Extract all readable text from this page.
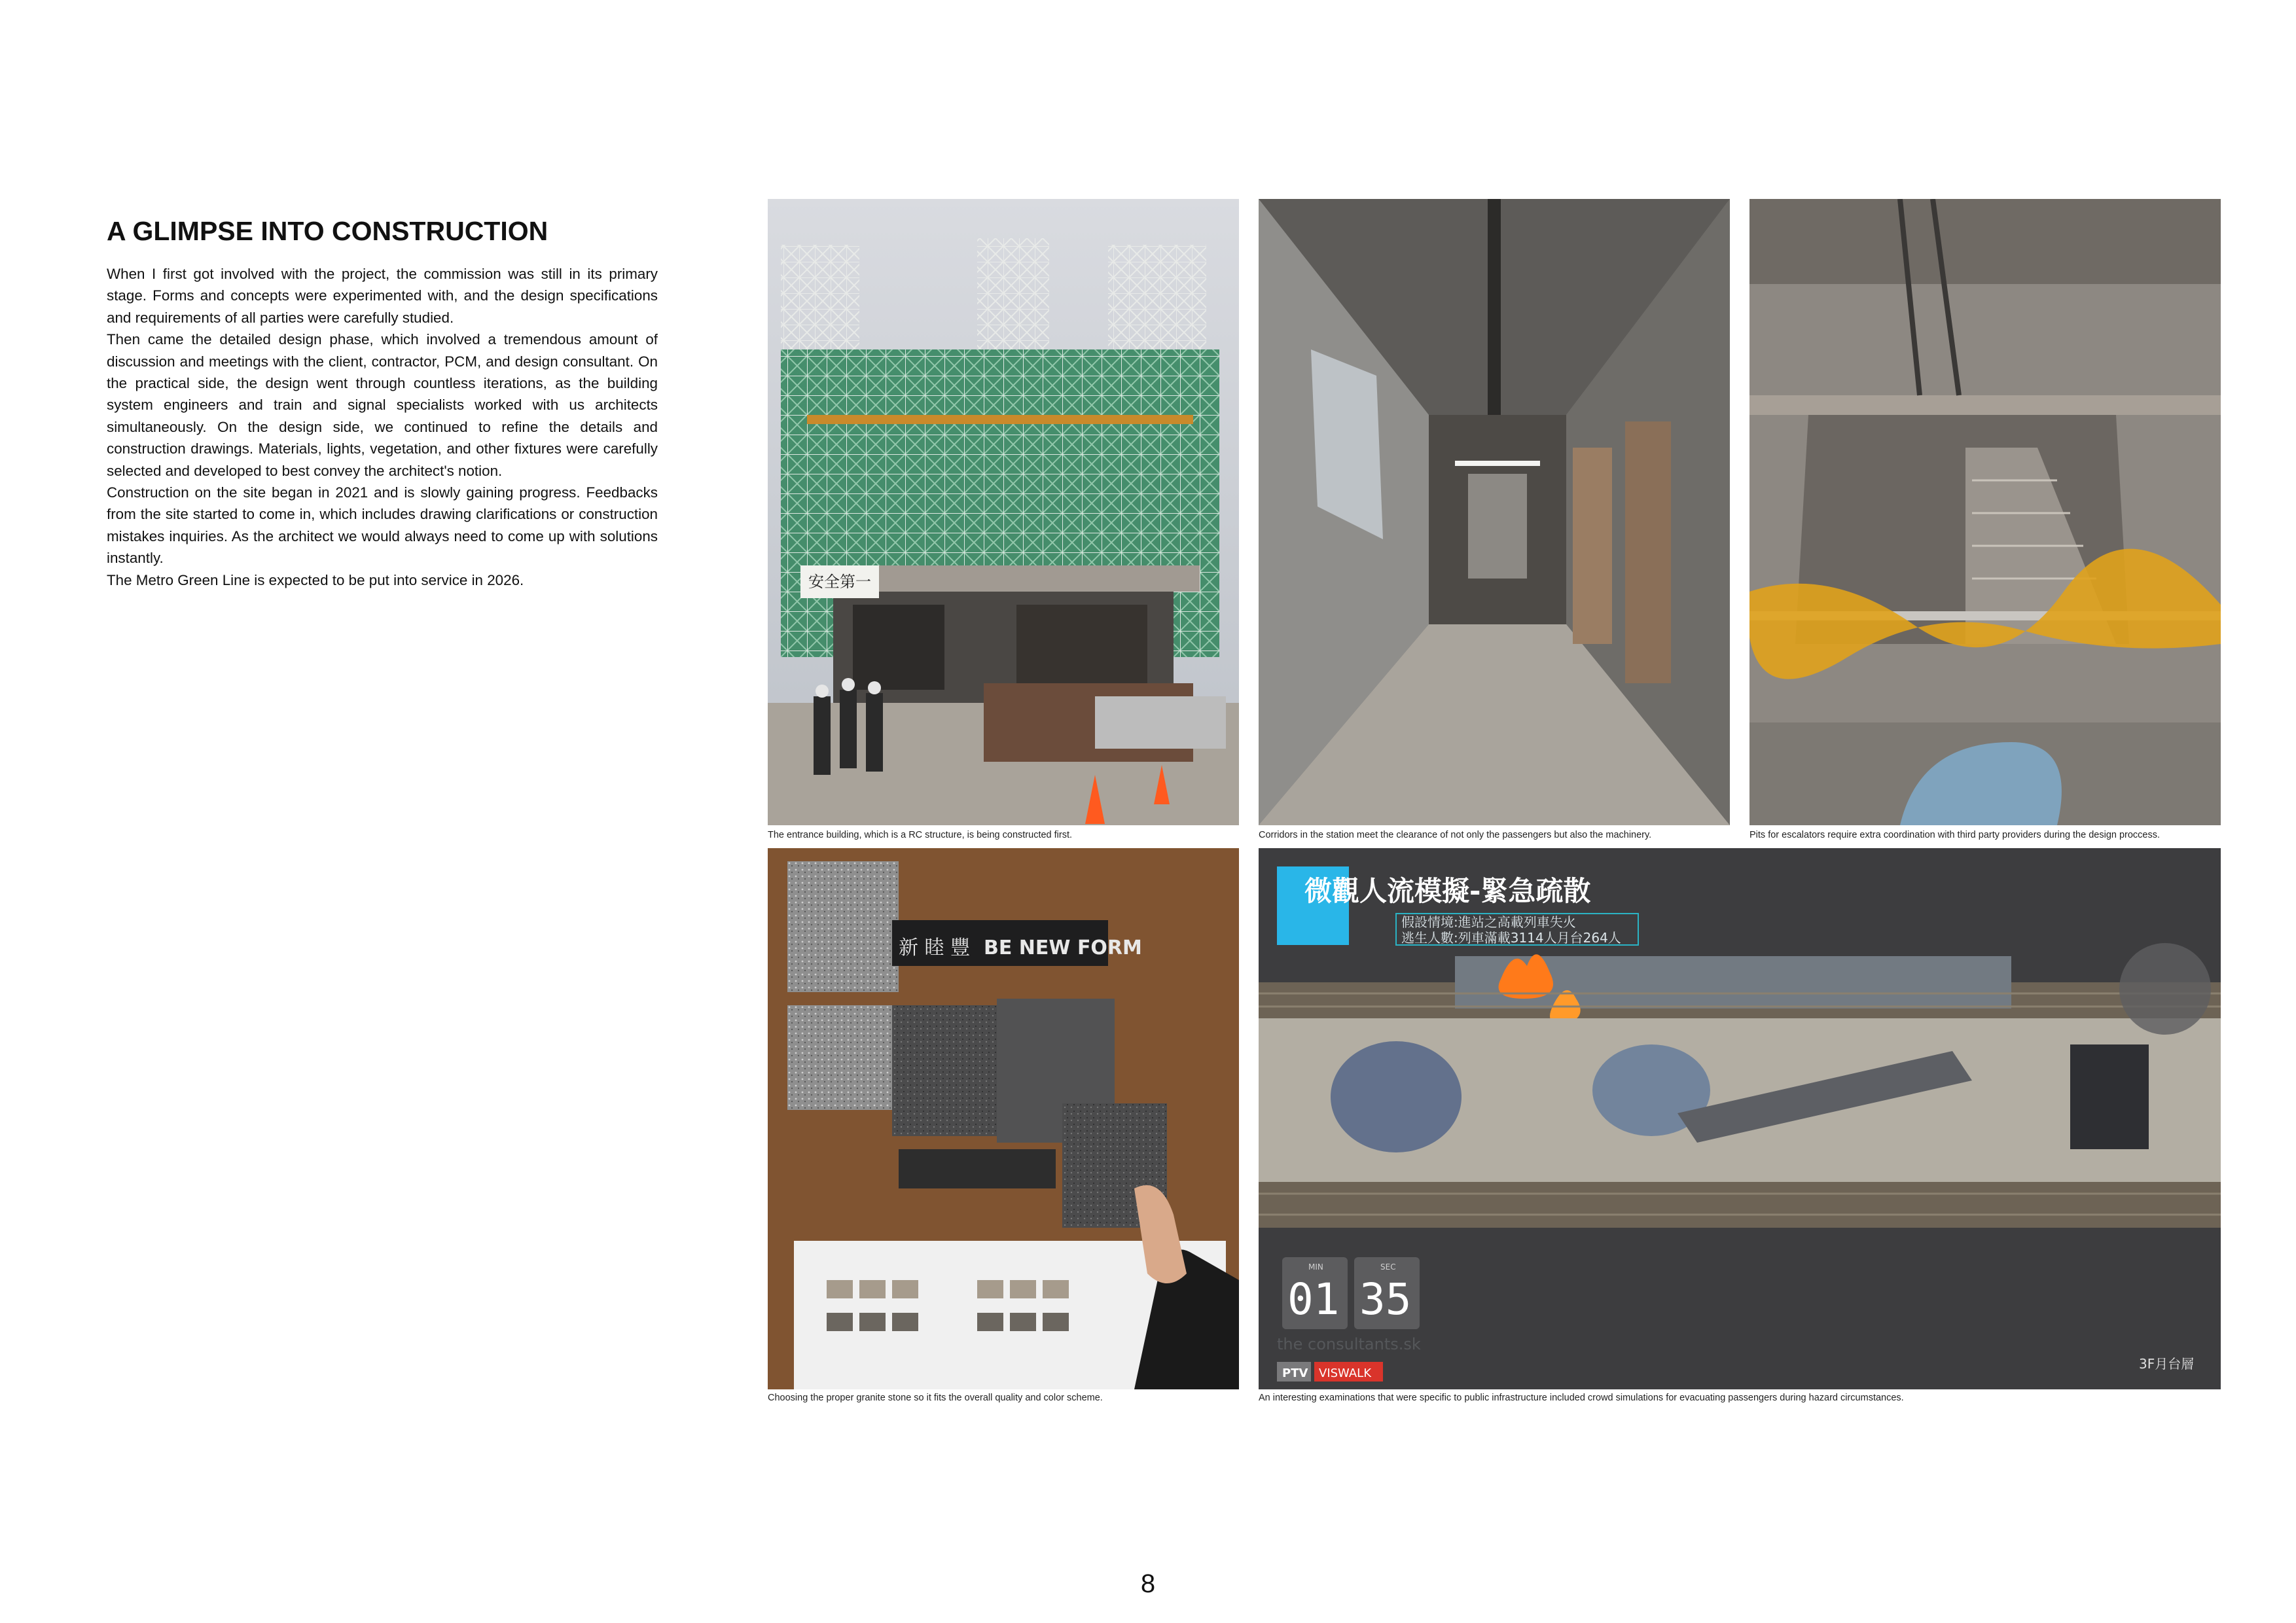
A GLIMPSE INTO CONSTRUCTION

When I first got involved with the project, the commission was still in its primary stage. Forms and concepts were experimented with, and the design specifications and requirements of all parties were carefully studied.

Then came the detailed design phase, which involved a tremendous amount of discussion and meetings with the client, contractor, PCM, and design consultant. On the practical side, the design went through countless iterations, as the building system engineers and train and signal specialists worked with us architects simultaneously. On the design side, we continued to refine the details and construction drawings. Materials, lights, vegetation, and other fixtures were carefully selected and developed to best convey the architect's notion.

Construction on the site began in 2021 and is slowly gaining progress. Feedbacks from the site started to come in, which includes drawing clarifications or construction mistakes inquiries. As the architect we would always need to come up with solutions instantly.

The Metro Green Line is expected to be put into service in 2026.	安全第一
The entrance building, which is a RC structure, is being constructed first.	Corridors in the station meet the clearance of not only the passengers but also the machinery.	Pits for escalators require extra coordination with third party providers during the design proccess.
新 睦 豐 BE NEW FORM
Choosing the proper granite stone so it fits the overall quality and color scheme.
微觀人流模擬-緊急疏散
假設情境:進站之高載列車失火
逃生人數:列車滿載3114人月台264人
MIN	SEC
01 35
the consultants.sk
PTV VISWALK
3F月台層
An interesting examinations that were specific to public infrastructure included crowd simulations for evacuating passengers during hazard circumstances.
8
